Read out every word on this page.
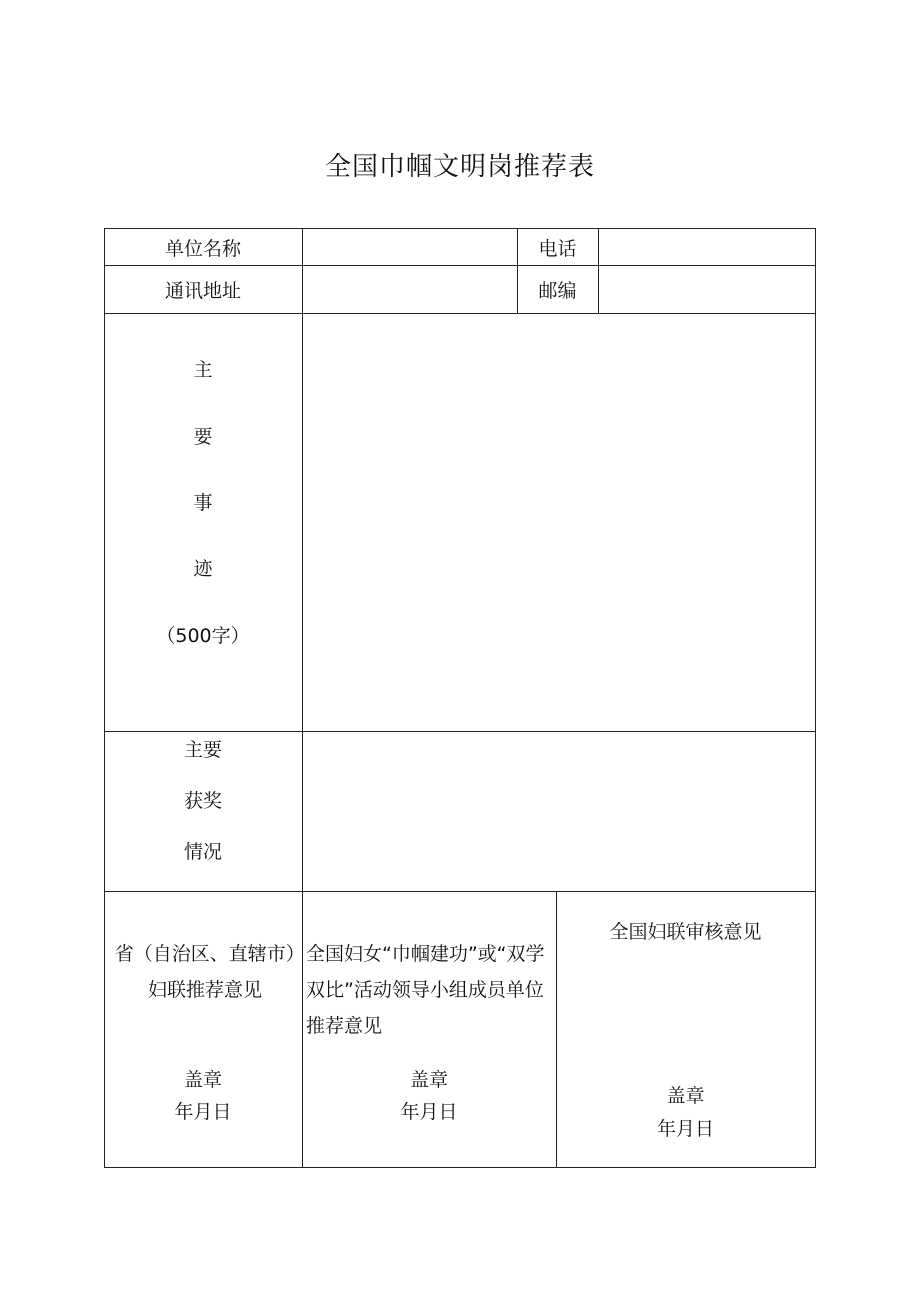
全国巾帼文明岗推荐表
单位名称	电话
通讯地址	邮编
主
要
事
迹
（500字）
主要
获奖
情况
省（自治区、直辖市）妇联推荐意见
盖章
年月日
全国妇女“巾帼建功”或“双学双比”活动领导小组成员单位推荐意见
盖章
年月日
全国妇联审核意见
盖章
年月日
